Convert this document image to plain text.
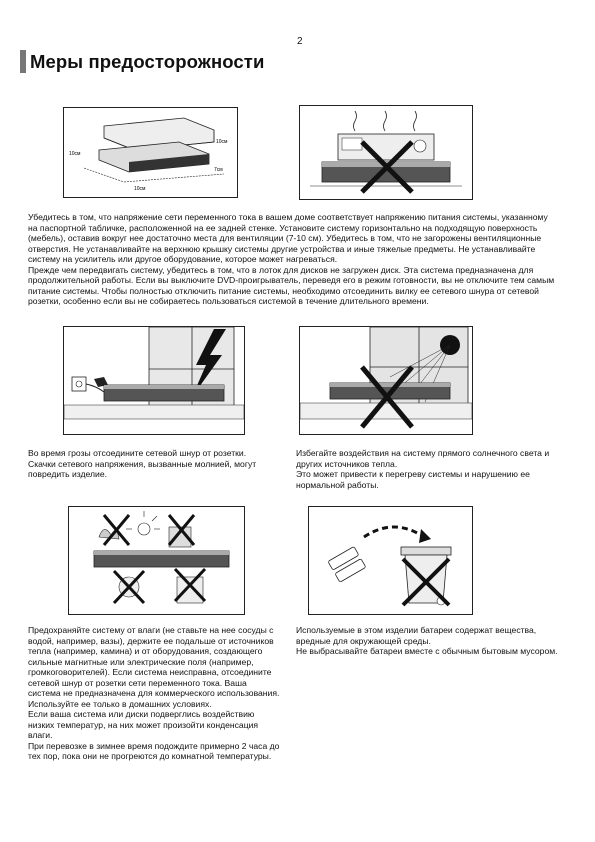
2
Меры предосторожности
10см
10см
7см
10см

Убедитесь в том, что напряжение сети переменного тока в вашем доме соответствует напряжению питания системы, указанному на паспортной табличке, расположенной на ее задней стенке. Установите систему горизонтально на подходящую поверхность (мебель), оставив вокруг нее достаточно места для вентиляции (7-10 см). Убедитесь в том, что не загорожены вентиляционные отверстия. Не устанавливайте на верхнюю крышку системы другие устройства и иные тяжелые предметы. Не устанавливайте систему на усилитель или другое оборудование, которое может нагреваться.

Прежде чем передвигать систему, убедитесь в том, что в лоток для дисков не загружен диск. Эта система предназначена для продолжительной работы. Если вы выключите DVD-проигрыватель, переведя его в режим готовности, вы не отключите тем самым питание системы. Чтобы полностью отключить питание системы, необходимо отсоединить вилку ее сетевого шнура от сетевой розетки, особенно если вы не собираетесь пользоваться системой в течение длительного времени.

Во время грозы отсоедините сетевой шнур от розетки.

Скачки сетевого напряжения, вызванные молнией, могут повредить изделие.

Избегайте воздействия на систему прямого солнечного света и других источников тепла.

Это может привести к перегреву системы и нарушению ее нормальной работы.

Предохраняйте систему от влаги (не ставьте на нее сосуды с водой, например, вазы), держите ее подальше от источников тепла (например, камина) и от оборудования, создающего сильные магнитные или электрические поля (например, громкоговорителей). Если система неисправна, отсоедините сетевой шнур от розетки сети переменного тока. Ваша система не предназначена для коммерческого использования. Используйте ее только в домашних условиях.

Если ваша система или диски подверглись воздействию низких температур, на них может произойти конденсация влаги.

При перевозке в зимнее время подождите примерно 2 часа до тех пор, пока они не прогреются до комнатной температуры.

Используемые в этом изделии батареи содержат вещества, вредные для окружающей среды.

Не выбрасывайте батареи вместе с обычным бытовым мусором.
